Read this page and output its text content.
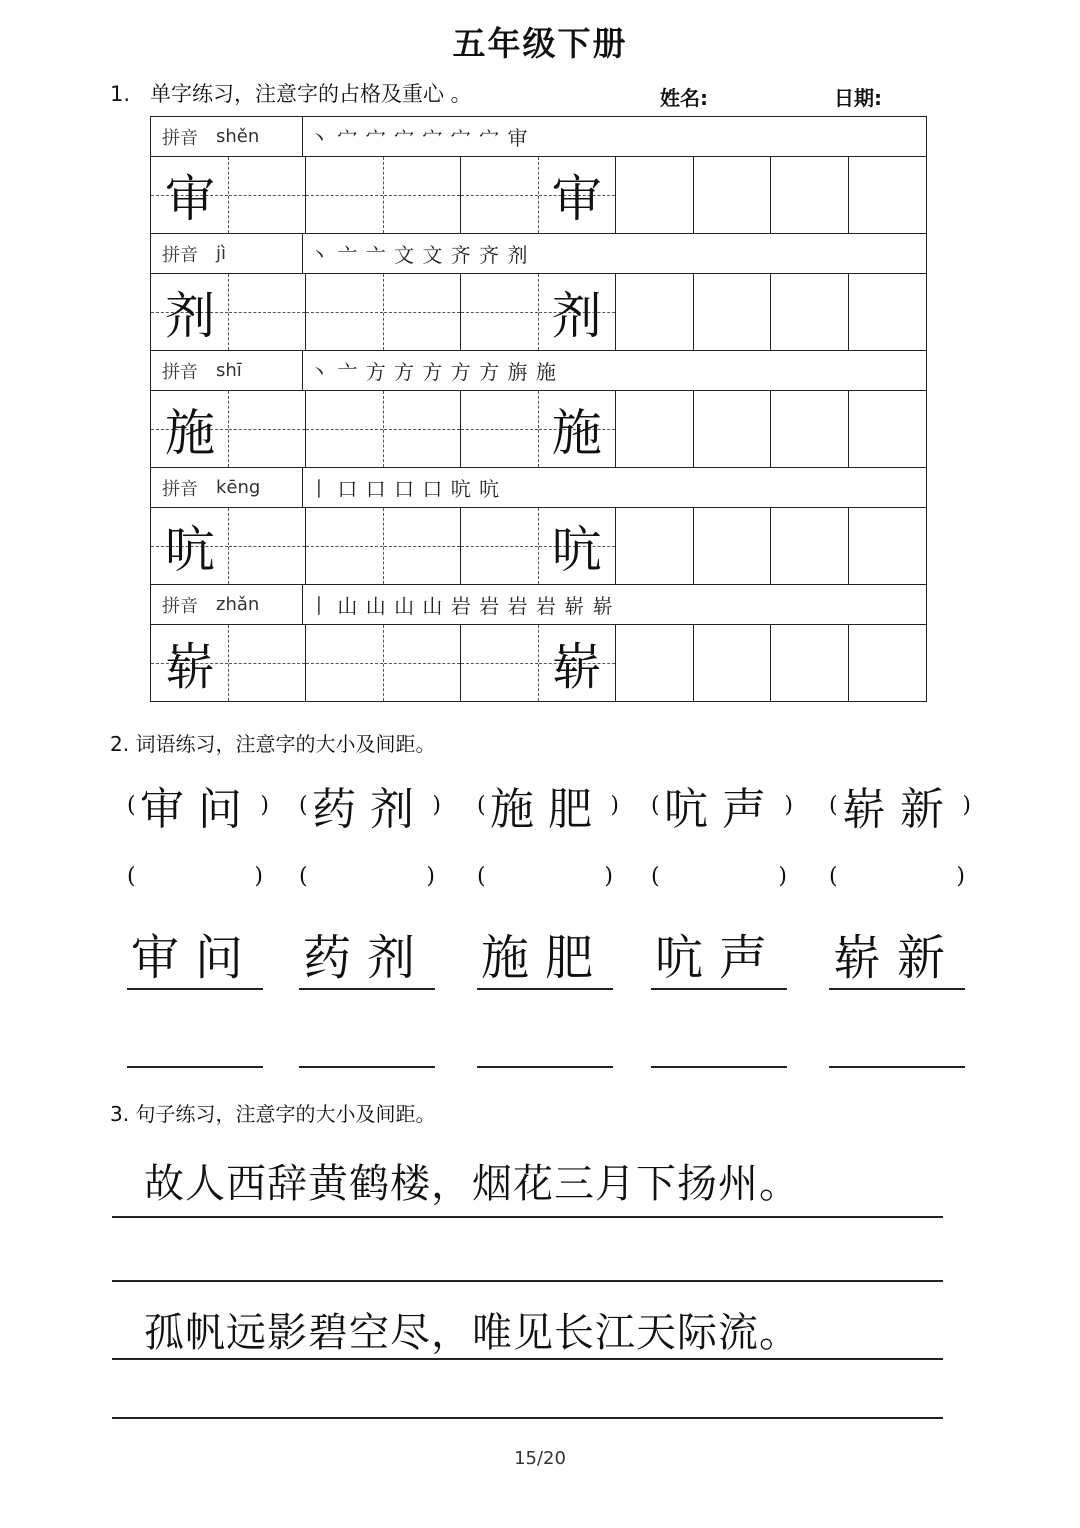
五年级下册
1. 单字练习，注意字的占格及重心 。	姓名:	日期:
拼音 shěn	丶 宀 宀 宀 宀 宀 宀 审
审	审
拼音 jì	丶 亠 亠 文 文 齐 齐 剂
剂	剂
拼音 shī	丶 亠 方 方 方 方 方 旃 施
施	施
拼音 kēng	丨 口 口 口 口 吭 吭
吭	吭
拼音 zhǎn	丨 山 山 山 山 岩 岩 岩 岩 崭 崭
崭	崭
2. 词语练习，注意字的大小及间距。
( 审问 )
(	)
审问
( 药剂 )
(	)
药剂
( 施肥 )
(	)
施肥
( 吭声 )
(	)
吭声
( 崭新 )
(	)
崭新
3. 句子练习，注意字的大小及间距。
故人西辞黄鹤楼，烟花三月下扬州。
孤帆远影碧空尽，唯见长江天际流。
15/20
